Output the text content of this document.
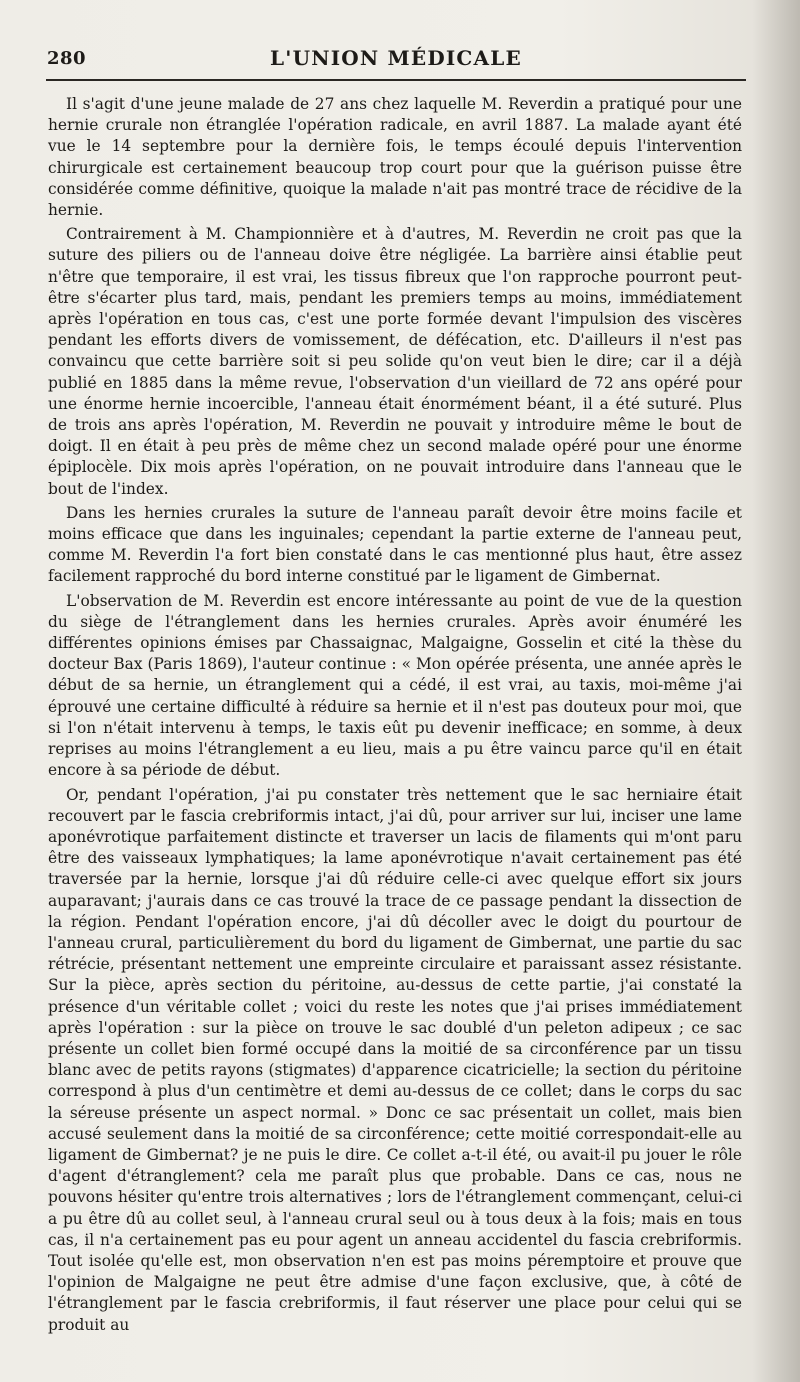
280	L'UNION MÉDICALE

Il s'agit d'une jeune malade de 27 ans chez laquelle M. Reverdin a pratiqué pour une hernie crurale non étranglée l'opération radicale, en avril 1887. La malade ayant été vue le 14 septembre pour la dernière fois, le temps écoulé depuis l'intervention chirurgicale est certainement beaucoup trop court pour que la guérison puisse être considérée comme définitive, quoique la malade n'ait pas montré trace de récidive de la hernie.

Contrairement à M. Championnière et à d'autres, M. Reverdin ne croit pas que la suture des piliers ou de l'anneau doive être négligée. La barrière ainsi établie peut n'être que temporaire, il est vrai, les tissus fibreux que l'on rapproche pourront peut-être s'écarter plus tard, mais, pendant les premiers temps au moins, immédiatement après l'opération en tous cas, c'est une porte formée devant l'impulsion des viscères pendant les efforts divers de vomissement, de défécation, etc. D'ailleurs il n'est pas convaincu que cette barrière soit si peu solide qu'on veut bien le dire; car il a déjà publié en 1885 dans la même revue, l'observation d'un vieillard de 72 ans opéré pour une énorme hernie incoercible, l'anneau était énormément béant, il a été suturé. Plus de trois ans après l'opération, M. Reverdin ne pouvait y introduire même le bout de doigt. Il en était à peu près de même chez un second malade opéré pour une énorme épiplocèle. Dix mois après l'opération, on ne pouvait introduire dans l'anneau que le bout de l'index.

Dans les hernies crurales la suture de l'anneau paraît devoir être moins facile et moins efficace que dans les inguinales; cependant la partie externe de l'anneau peut, comme M. Reverdin l'a fort bien constaté dans le cas mentionné plus haut, être assez facilement rapproché du bord interne constitué par le ligament de Gimbernat.

L'observation de M. Reverdin est encore intéressante au point de vue de la question du siège de l'étranglement dans les hernies crurales. Après avoir énuméré les différentes opinions émises par Chassaignac, Malgaigne, Gosselin et cité la thèse du docteur Bax (Paris 1869), l'auteur continue : « Mon opérée présenta, une année après le début de sa hernie, un étranglement qui a cédé, il est vrai, au taxis, moi-même j'ai éprouvé une certaine difficulté à réduire sa hernie et il n'est pas douteux pour moi, que si l'on n'était intervenu à temps, le taxis eût pu devenir inefficace; en somme, à deux reprises au moins l'étranglement a eu lieu, mais a pu être vaincu parce qu'il en était encore à sa période de début.

Or, pendant l'opération, j'ai pu constater très nettement que le sac herniaire était recouvert par le fascia crebriformis intact, j'ai dû, pour arriver sur lui, inciser une lame aponévrotique parfaitement distincte et traverser un lacis de filaments qui m'ont paru être des vaisseaux lymphatiques; la lame aponévrotique n'avait certainement pas été traversée par la hernie, lorsque j'ai dû réduire celle-ci avec quelque effort six jours auparavant; j'aurais dans ce cas trouvé la trace de ce passage pendant la dissection de la région. Pendant l'opération encore, j'ai dû décoller avec le doigt du pourtour de l'anneau crural, particulièrement du bord du ligament de Gimbernat, une partie du sac rétrécie, présentant nettement une empreinte circulaire et paraissant assez résistante. Sur la pièce, après section du péritoine, au-dessus de cette partie, j'ai constaté la présence d'un véritable collet ; voici du reste les notes que j'ai prises immédiatement après l'opération : sur la pièce on trouve le sac doublé d'un peleton adipeux ; ce sac présente un collet bien formé occupé dans la moitié de sa circonférence par un tissu blanc avec de petits rayons (stigmates) d'apparence cicatricielle; la section du péritoine correspond à plus d'un centimètre et demi au-dessus de ce collet; dans le corps du sac la séreuse présente un aspect normal. » Donc ce sac présentait un collet, mais bien accusé seulement dans la moitié de sa circonférence; cette moitié correspondait-elle au ligament de Gimbernat? je ne puis le dire. Ce collet a-t-il été, ou avait-il pu jouer le rôle d'agent d'étranglement? cela me paraît plus que probable. Dans ce cas, nous ne pouvons hésiter qu'entre trois alternatives ; lors de l'étranglement commençant, celui-ci a pu être dû au collet seul, à l'anneau crural seul ou à tous deux à la fois; mais en tous cas, il n'a certainement pas eu pour agent un anneau accidentel du fascia crebriformis. Tout isolée qu'elle est, mon observation n'en est pas moins péremptoire et prouve que l'opinion de Malgaigne ne peut être admise d'une façon exclusive, que, à côté de l'étranglement par le fascia crebriformis, il faut réserver une place pour celui qui se produit au
